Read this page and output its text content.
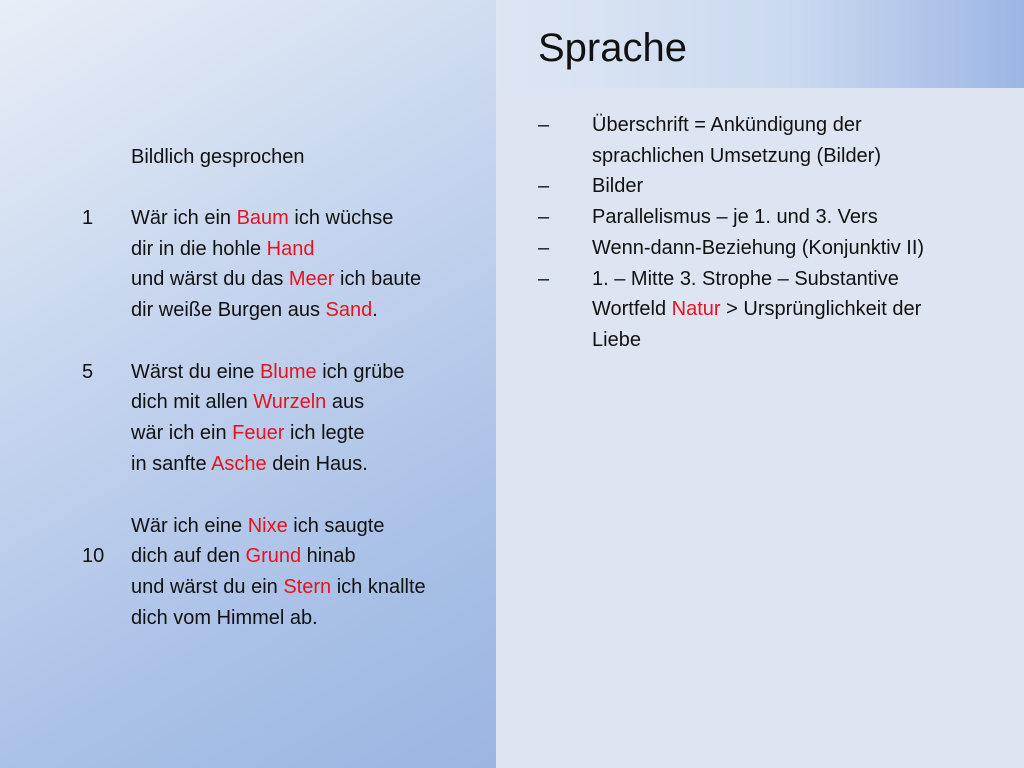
Sprache
Bildlich gesprochen
1	Wär ich ein Baum ich wüchse
dir in die hohle Hand
und wärst du das Meer ich baute
dir weiße Burgen aus Sand.
5	Wärst du eine Blume ich grübe
dich mit allen Wurzeln aus
wär ich ein Feuer ich legte
in sanfte Asche dein Haus.
Wär ich eine Nixe ich saugte
10	dich auf den Grund hinab
und wärst du ein Stern ich knallte
dich vom Himmel ab.
–	Überschrift = Ankündigung der
sprachlichen Umsetzung (Bilder)
–	Bilder
–	Parallelismus – je 1. und 3. Vers
–	Wenn-dann-Beziehung (Konjunktiv II)
–	1. – Mitte 3. Strophe – Substantive
Wortfeld Natur > Ursprünglichkeit der
Liebe
